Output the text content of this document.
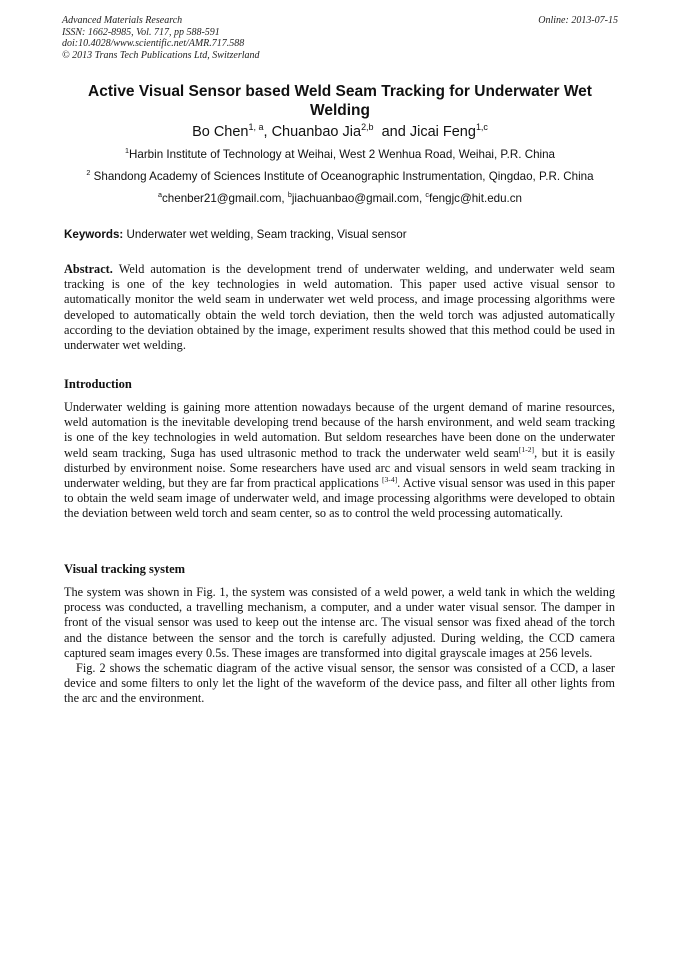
Advanced Materials Research
ISSN: 1662-8985, Vol. 717, pp 588-591
doi:10.4028/www.scientific.net/AMR.717.588
© 2013 Trans Tech Publications Ltd, Switzerland
Online: 2013-07-15
Active Visual Sensor based Weld Seam Tracking for Underwater Wet Welding
Bo Chen$^{1, a}$, Chuanbao Jia$^{2,b}$  and Jicai Feng$^{1,c}$
$^1$Harbin Institute of Technology at Weihai, West 2 Wenhua Road, Weihai, P.R. China
$^2$ Shandong Academy of Sciences Institute of Oceanographic Instrumentation, Qingdao, P.R. China
$^a$chenber21@gmail.com, $^b$jiachuanbao@gmail.com, $^c$fengjc@hit.edu.cn
Keywords: Underwater wet welding, Seam tracking, Visual sensor
Abstract. Weld automation is the development trend of underwater welding, and underwater weld seam tracking is one of the key technologies in weld automation. This paper used active visual sensor to automatically monitor the weld seam in underwater wet weld process, and image processing algorithms were developed to automatically obtain the weld torch deviation, then the weld torch was adjusted automatically according to the deviation obtained by the image, experiment results showed that this method could be used in underwater wet welding.
Introduction
Underwater welding is gaining more attention nowadays because of the urgent demand of marine resources, weld automation is the inevitable developing trend because of the harsh environment, and weld seam tracking is one of the key technologies in weld automation. But seldom researches have been done on the underwater weld seam tracking, Suga has used ultrasonic method to track the underwater weld seam[1-2], but it is easily disturbed by environment noise. Some researchers have used arc and visual sensors in weld seam tracking in underwater welding, but they are far from practical applications [3-4]. Active visual sensor was used in this paper to obtain the weld seam image of underwater weld, and image processing algorithms were developed to obtain the deviation between weld torch and seam center, so as to control the weld processing automatically.
Visual tracking system

The system was shown in Fig. 1, the system was consisted of a weld power, a weld tank in which the welding process was conducted, a travelling mechanism, a computer, and a under water visual sensor. The damper in front of the visual sensor was used to keep out the intense arc. The visual sensor was fixed ahead of the torch and the distance between the sensor and the torch is carefully adjusted. During welding, the CCD camera captured seam images every 0.5s. These images are transformed into digital grayscale images at 256 levels.

Fig. 2 shows the schematic diagram of the active visual sensor, the sensor was consisted of a CCD, a laser device and some filters to only let the light of the waveform of the device pass, and filter all other lights from the arc and the environment.
